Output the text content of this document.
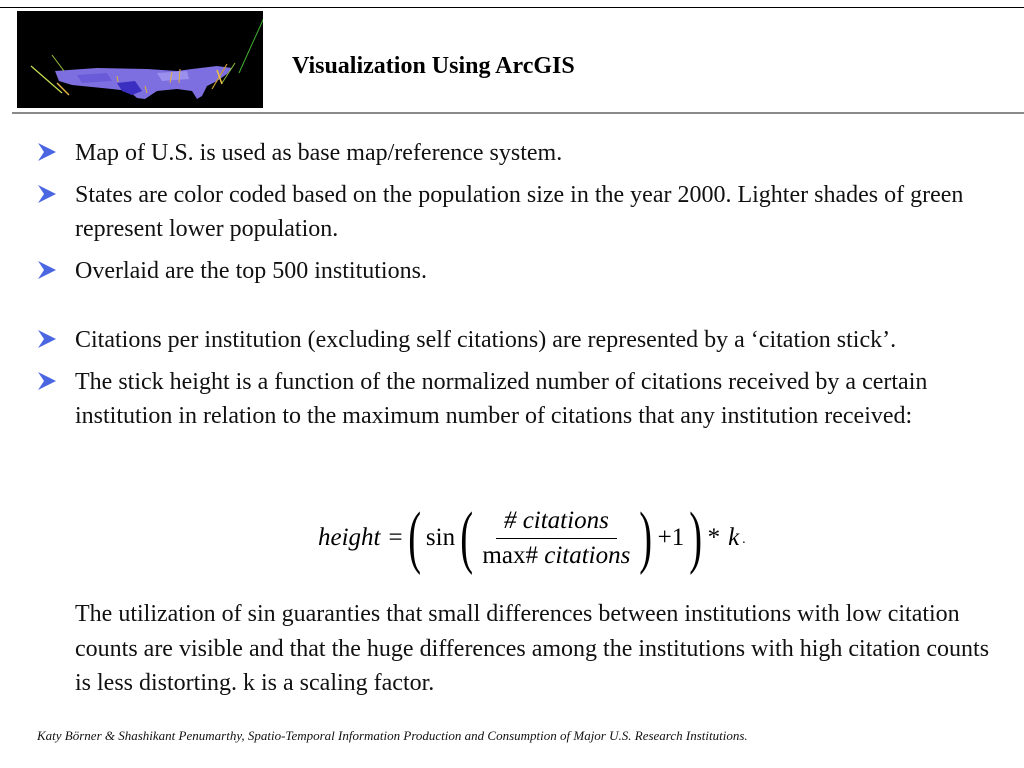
Visualization Using ArcGIS
Map of U.S. is used as base map/reference system.
States are color coded based on the population size in the year 2000. Lighter shades of green represent lower population.
Overlaid are the top 500 institutions.
Citations per institution (excluding self citations) are represented by a ‘citation stick’.
The stick height is a function of the normalized number of citations received by a certain institution in relation to the maximum number of citations that any institution received:
height = ( sin ( $\frac{\text{\# citations}}{\text{max\# citations}}$ ) +1 ) * k .
The utilization of sin guaranties that small differences between institutions with low citation counts are visible and that the huge differences among the institutions with high citation counts is less distorting. k is a scaling factor.
Katy Börner & Shashikant Penumarthy, Spatio-Temporal Information Production and Consumption of Major U.S. Research Institutions.
